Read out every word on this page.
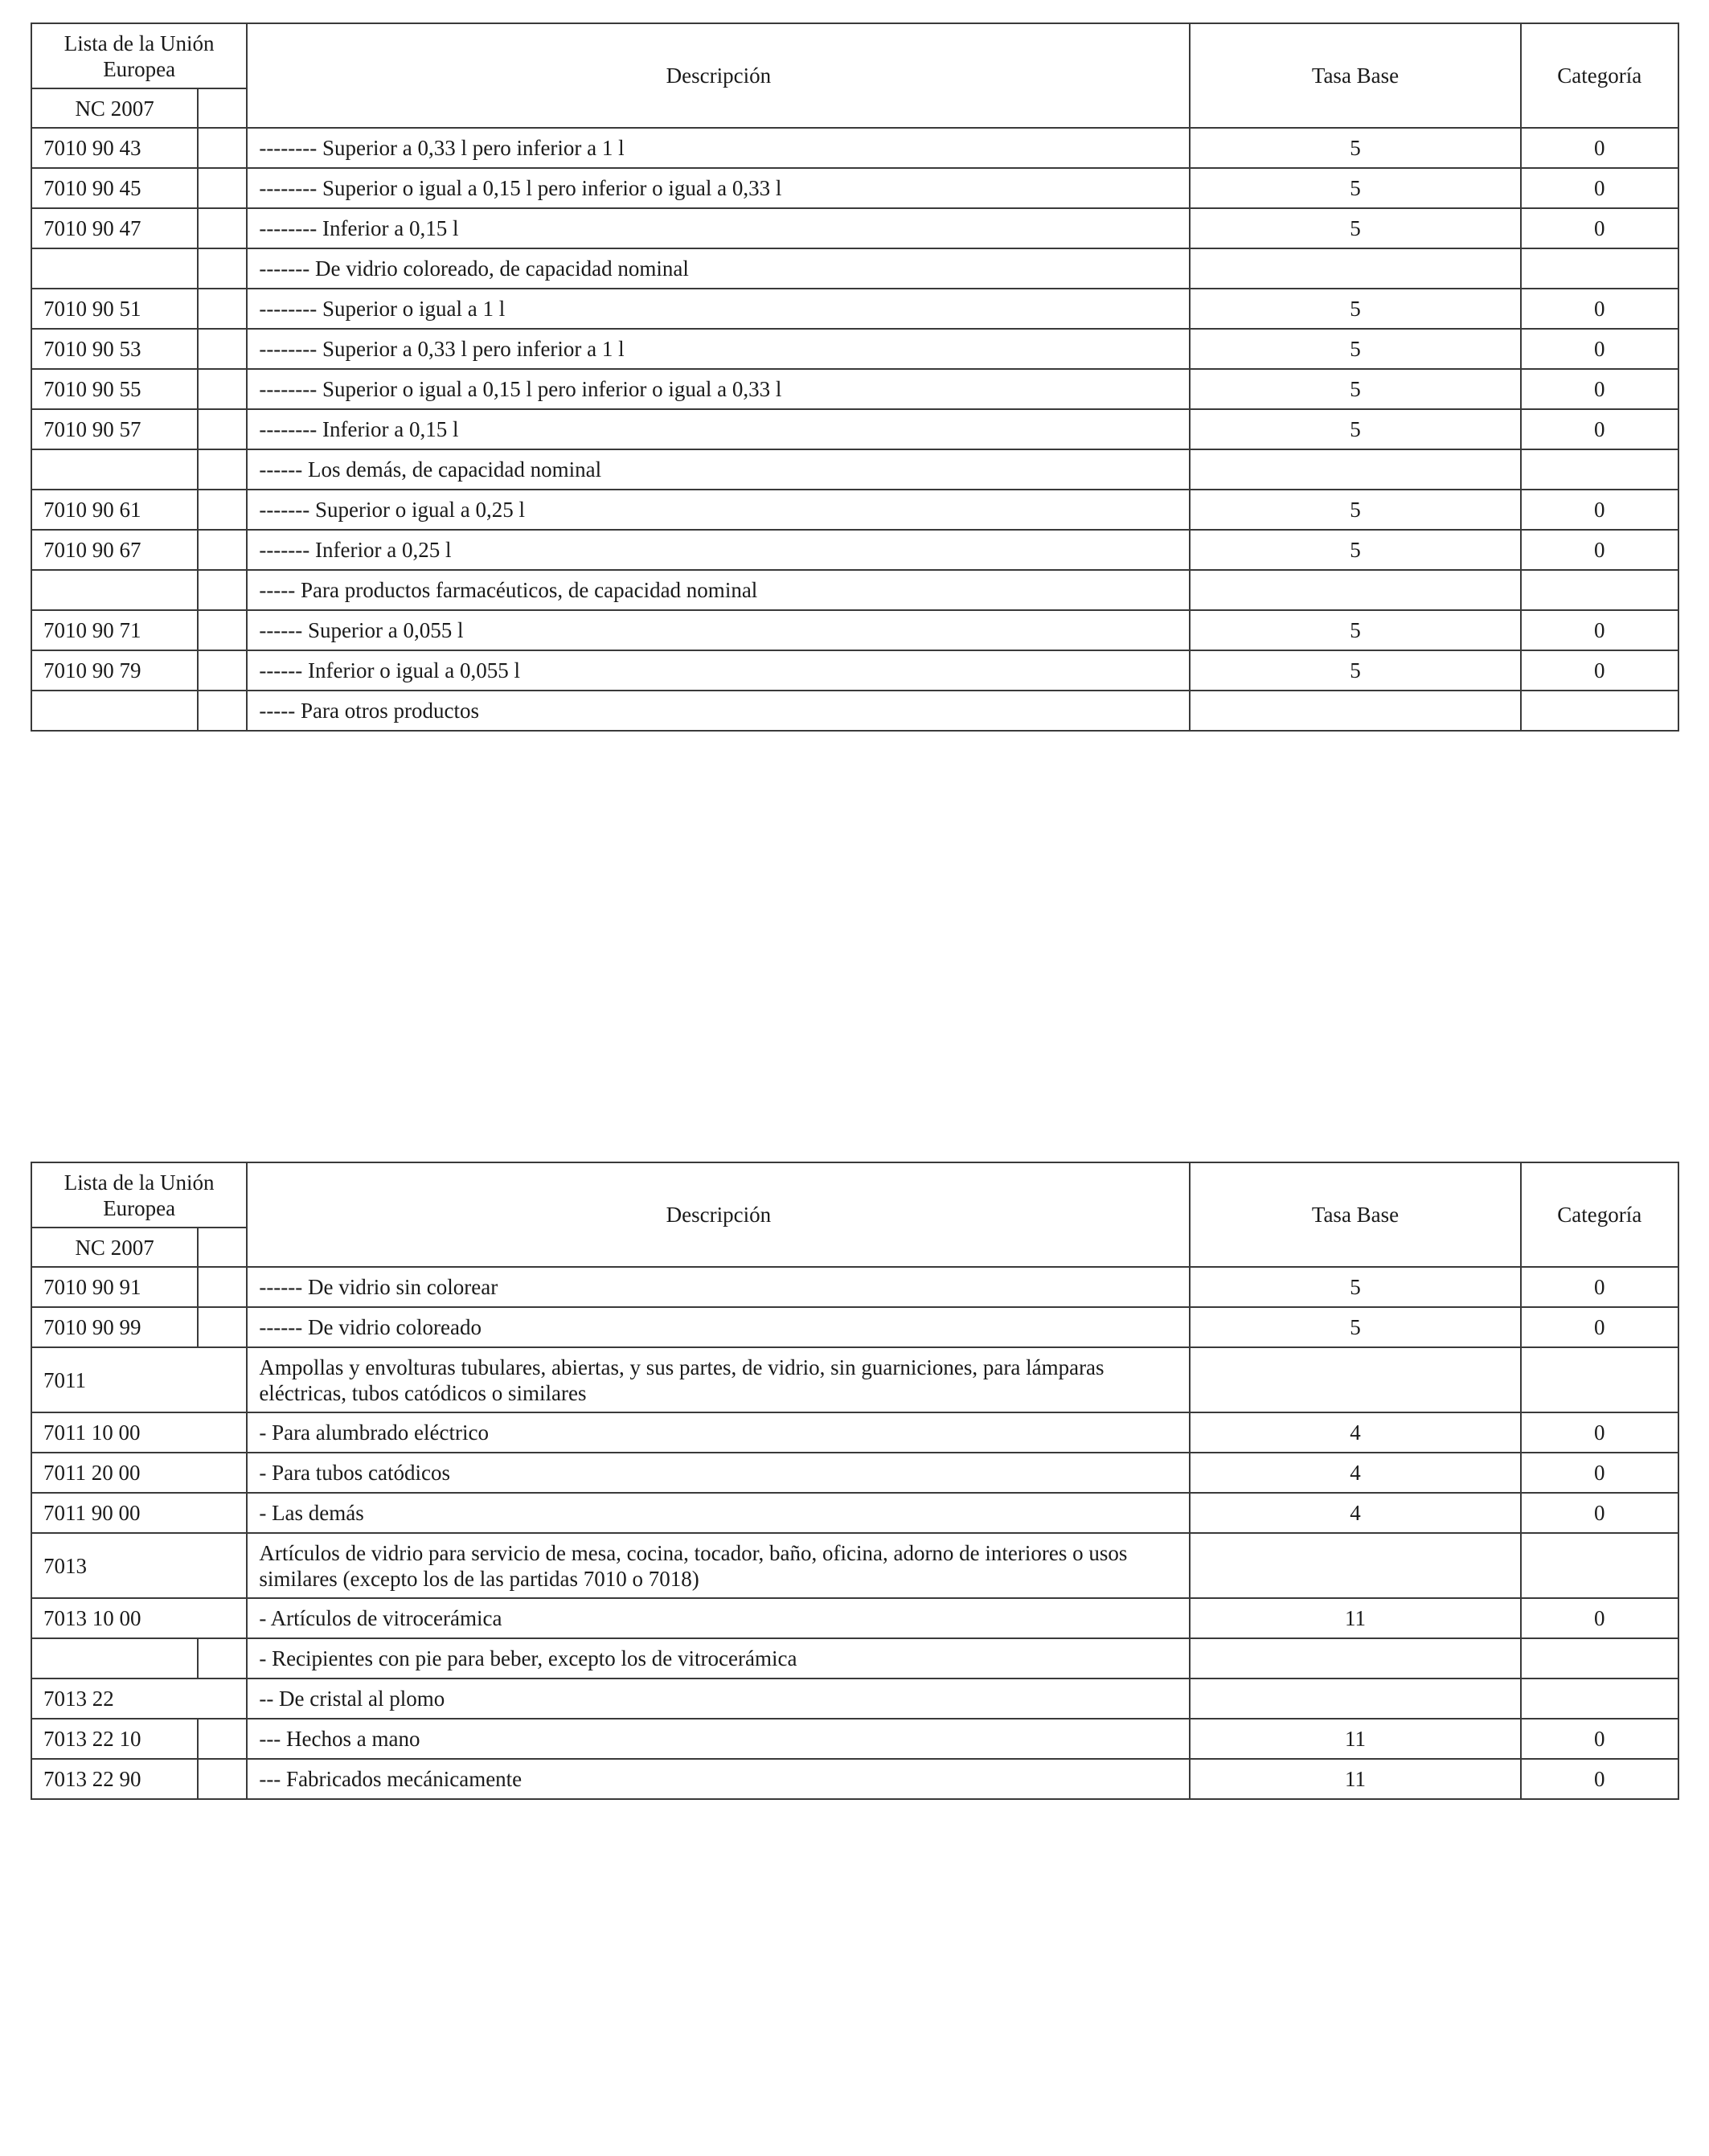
Lista de la Unión Europea		Descripción	Tasa Base	Categoría
NC 2007				
7010 90 43		-------- Superior a 0,33 l pero inferior a 1 l	5	0
7010 90 45		-------- Superior o igual a 0,15 l pero inferior o igual a 0,33 l	5	0
7010 90 47		-------- Inferior a 0,15 l	5	0
		------- De vidrio coloreado, de capacidad nominal		
7010 90 51		-------- Superior o igual a 1 l	5	0
7010 90 53		-------- Superior a 0,33 l pero inferior a 1 l	5	0
7010 90 55		-------- Superior o igual a 0,15 l pero inferior o igual a 0,33 l	5	0
7010 90 57		-------- Inferior a 0,15 l	5	0
		------ Los demás, de capacidad nominal		
7010 90 61		------- Superior o igual a 0,25 l	5	0
7010 90 67		------- Inferior a 0,25 l	5	0
		----- Para productos farmacéuticos, de capacidad nominal		
7010 90 71		------ Superior a 0,055 l	5	0
7010 90 79		------ Inferior o igual a 0,055 l	5	0
		----- Para otros productos		
Lista de la Unión Europea		Descripción	Tasa Base	Categoría
NC 2007				
7010 90 91		------ De vidrio sin colorear	5	0
7010 90 99		------ De vidrio coloreado	5	0
7011		Ampollas y envolturas tubulares, abiertas, y sus partes, de vidrio, sin guarniciones, para lámparas eléctricas, tubos catódicos o similares		
7011 10 00		- Para alumbrado eléctrico	4	0
7011 20 00		- Para tubos catódicos	4	0
7011 90 00		- Las demás	4	0
7013		Artículos de vidrio para servicio de mesa, cocina, tocador, baño, oficina, adorno de interiores o usos similares (excepto los de las partidas 7010 o 7018)		
7013 10 00		- Artículos de vitrocerámica	11	0
		- Recipientes con pie para beber, excepto los de vitrocerámica		
7013 22		-- De cristal al plomo		
7013 22 10		--- Hechos a mano	11	0
7013 22 90		--- Fabricados mecánicamente	11	0
